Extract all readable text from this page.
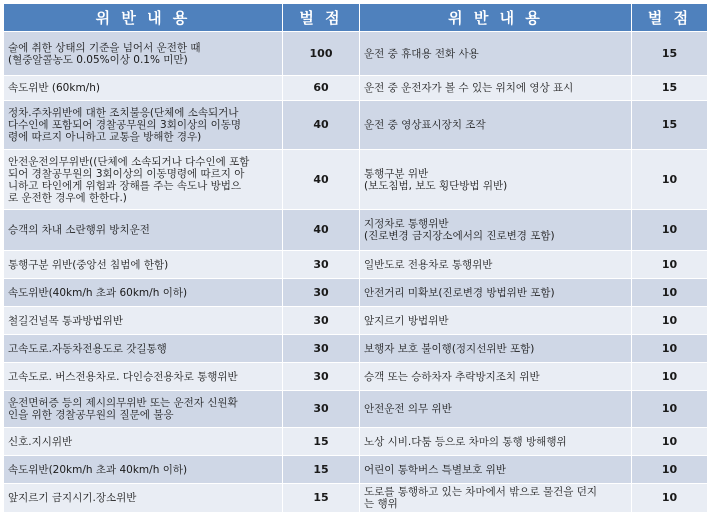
위 반 내 용	벌 점	위 반 내 용	벌 점
술에 취한 상태의 기준을 넘어서 운전한 때
(혈중알콜농도 0.05%이상 0.1% 미만)	100	운전 중 휴대용 전화 사용	15
속도위반 (60km/h)	60	운전 중 운전자가 볼 수 있는 위치에 영상 표시	15
정차.주차위반에 대한 조치불응(단체에 소속되거나
다수인에 포함되어 경찰공무원의 3회이상의 이동명
령에 따르지 아니하고 교통을 방해한 경우)	40	운전 중 영상표시장치 조작	15
안전운전의무위반((단체에 소속되거나 다수인에 포함
되어 경찰공무원의 3회이상의 이동명령에 따르지 아
니하고 타인에게 위험과 장해를 주는 속도나 방법으
로 운전한 경우에 한한다.)	40	통행구분 위반
(보도침범, 보도 횡단방법 위반)	10
승객의 차내 소란행위 방치운전	40	지정차로 통행위반
(진로변경 금지장소에서의 진로변경 포함)	10
통행구분 위반(중앙선 침범에 한함)	30	일반도로 전용차로 통행위반	10
속도위반(40km/h 초과 60km/h 이하)	30	안전거리 미확보(진로변경 방법위반 포함)	10
철길건널목 통과방법위반	30	앞지르기 방법위반	10
고속도로.자동차전용도로 갓길통행	30	보행자 보호 불이행(정지선위반 포함)	10
고속도로. 버스전용차로. 다인승전용차로 통행위반	30	승객 또는 승하차자 추락방지조치 위반	10
운전면허증 등의 제시의무위반 또는 운전자 신원확
인을 위한 경찰공무원의 질문에 불응	30	안전운전 의무 위반	10
신호.지시위반	15	노상 시비.다툼 등으로 차마의 통행 방해행위	10
속도위반(20km/h 초과 40km/h 이하)	15	어린이 통학버스 특별보호 위반	10
앞지르기 금지시기.장소위반	15	도로를 통행하고 있는 차마에서 밖으로 물건을 던지
는 행위	10
